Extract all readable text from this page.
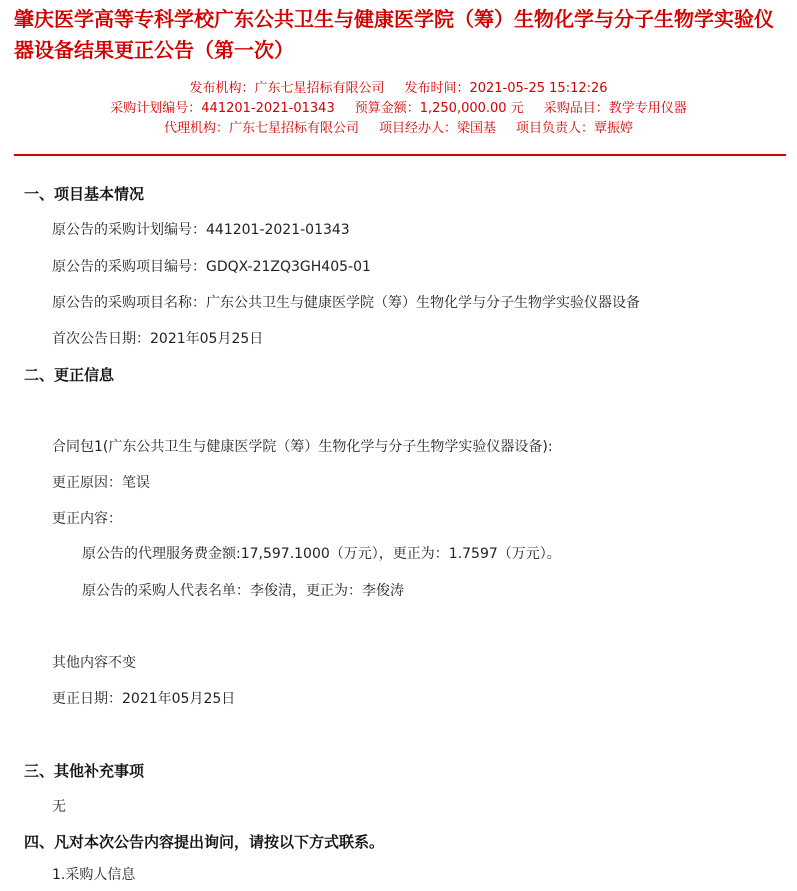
肇庆医学高等专科学校广东公共卫生与健康医学院（筹）生物化学与分子生物学实验仪器设备结果更正公告（第一次）
发布机构：广东七星招标有限公司 发布时间：2021-05-25 15:12:26
采购计划编号：441201-2021-01343 预算金额：1,250,000.00 元 采购品目：教学专用仪器
代理机构：广东七星招标有限公司 项目经办人：梁国基 项目负责人：覃振婷
一、项目基本情况
原公告的采购计划编号：441201-2021-01343
原公告的采购项目编号：GDQX-21ZQ3GH405-01
原公告的采购项目名称：广东公共卫生与健康医学院（筹）生物化学与分子生物学实验仪器设备
首次公告日期：2021年05月25日
二、更正信息
合同包1(广东公共卫生与健康医学院（筹）生物化学与分子生物学实验仪器设备):
更正原因：笔误
更正内容：
原公告的代理服务费金额:17,597.1000（万元），更正为：1.7597（万元）。
原公告的采购人代表名单：李俊清，更正为：李俊涛
其他内容不变
更正日期：2021年05月25日
三、其他补充事项
无
四、凡对本次公告内容提出询问，请按以下方式联系。
1.采购人信息
